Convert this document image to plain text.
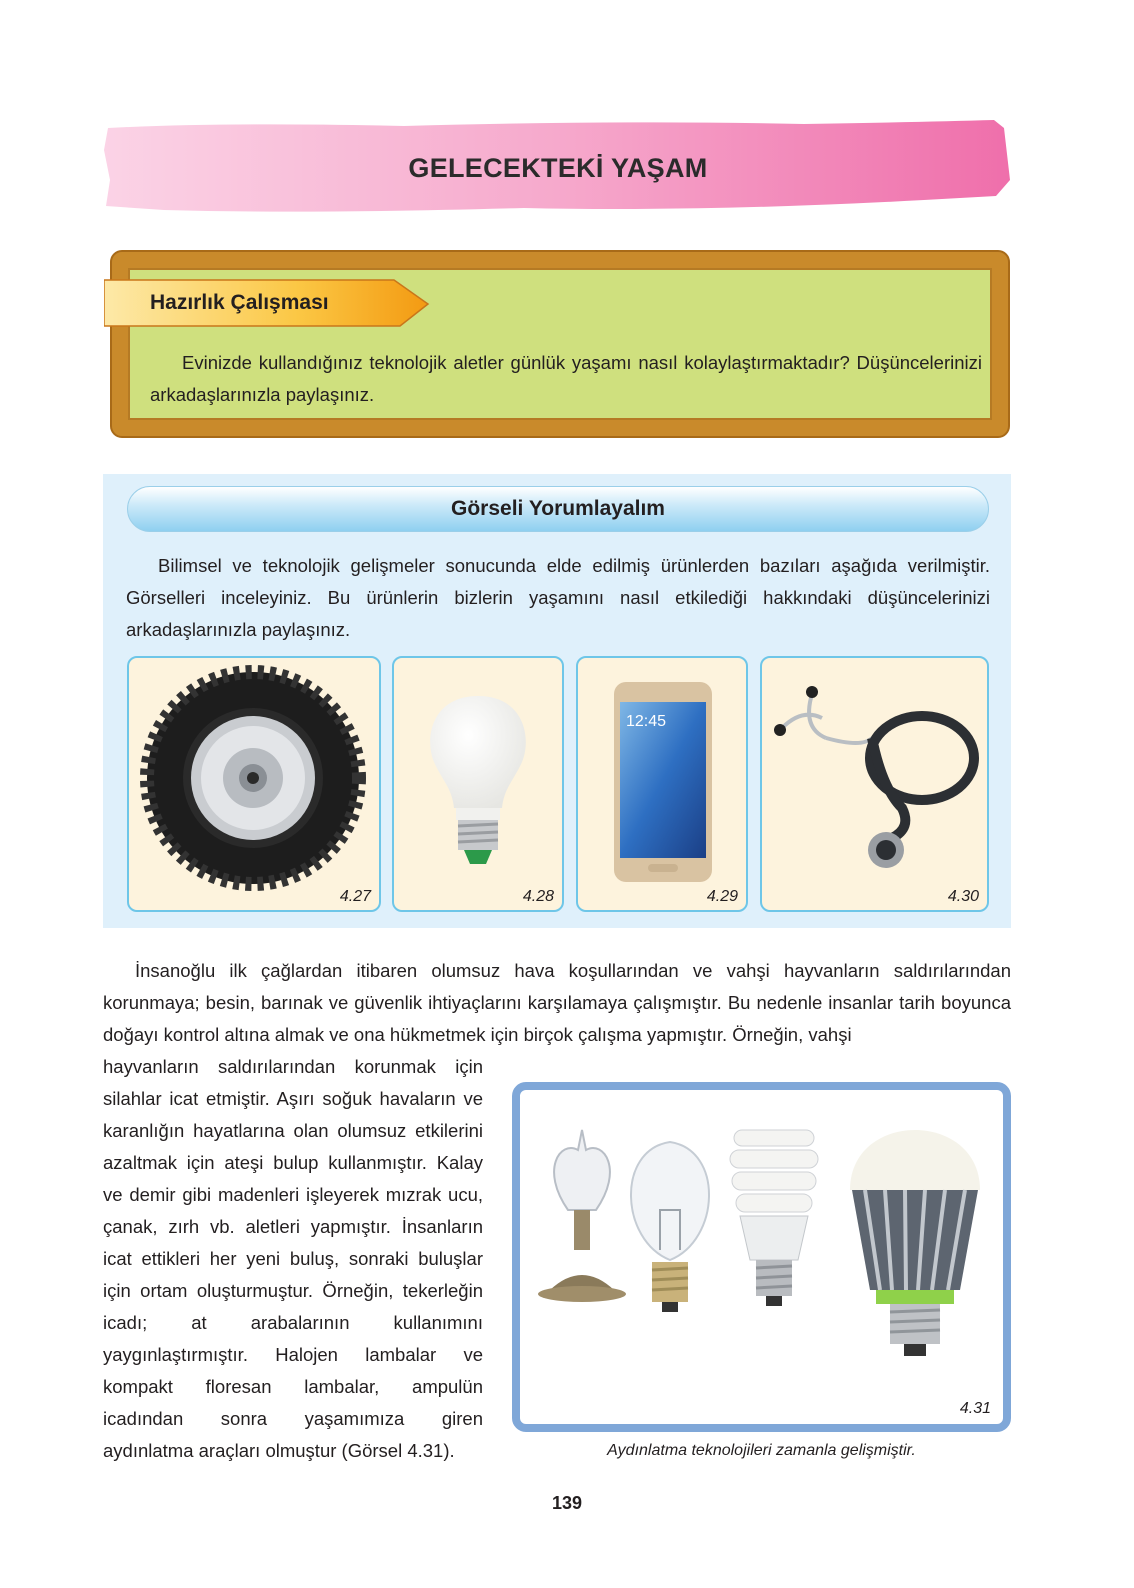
GELECEKTEKİ YAŞAM
Hazırlık Çalışması
Evinizde kullandığınız teknolojik aletler günlük yaşamı nasıl kolaylaştırmaktadır? Düşüncelerinizi arkadaşlarınızla paylaşınız.
Görseli Yorumlayalım
Bilimsel ve teknolojik gelişmeler sonucunda elde edilmiş ürünlerden bazıları aşağıda verilmiştir. Görselleri inceleyiniz. Bu ürünlerin bizlerin yaşamını nasıl etkilediği hakkındaki düşüncelerinizi arkadaşlarınızla paylaşınız.
4.27	4.28
12:45
4.29	4.30
İnsanoğlu ilk çağlardan itibaren olumsuz hava koşullarından ve vahşi hayvanların saldırılarından korunmaya; besin, barınak ve güvenlik ihtiyaçlarını karşılamaya çalışmıştır. Bu nedenle insanlar tarih boyunca doğayı kontrol altına almak ve ona hükmetmek için birçok çalışma yapmıştır. Örneğin, vahşi
hayvanların saldırılarından korunmak için silahlar icat etmiştir. Aşırı soğuk havaların ve karanlığın hayatlarına olan olumsuz etkilerini azaltmak için ateşi bulup kullanmıştır. Kalay ve demir gibi madenleri işleyerek mızrak ucu, çanak, zırh vb. aletleri yapmıştır. İnsanların icat ettikleri her yeni buluş, sonraki buluşlar için ortam oluşturmuştur. Örneğin, tekerleğin icadı; at arabalarının kullanımını yaygınlaştırmıştır. Halojen lambalar ve kompakt floresan lambalar, ampulün icadından sonra yaşamımıza giren
aydınlatma araçları olmuştur (Görsel 4.31).
4.31
Aydınlatma teknolojileri zamanla gelişmiştir.
139
